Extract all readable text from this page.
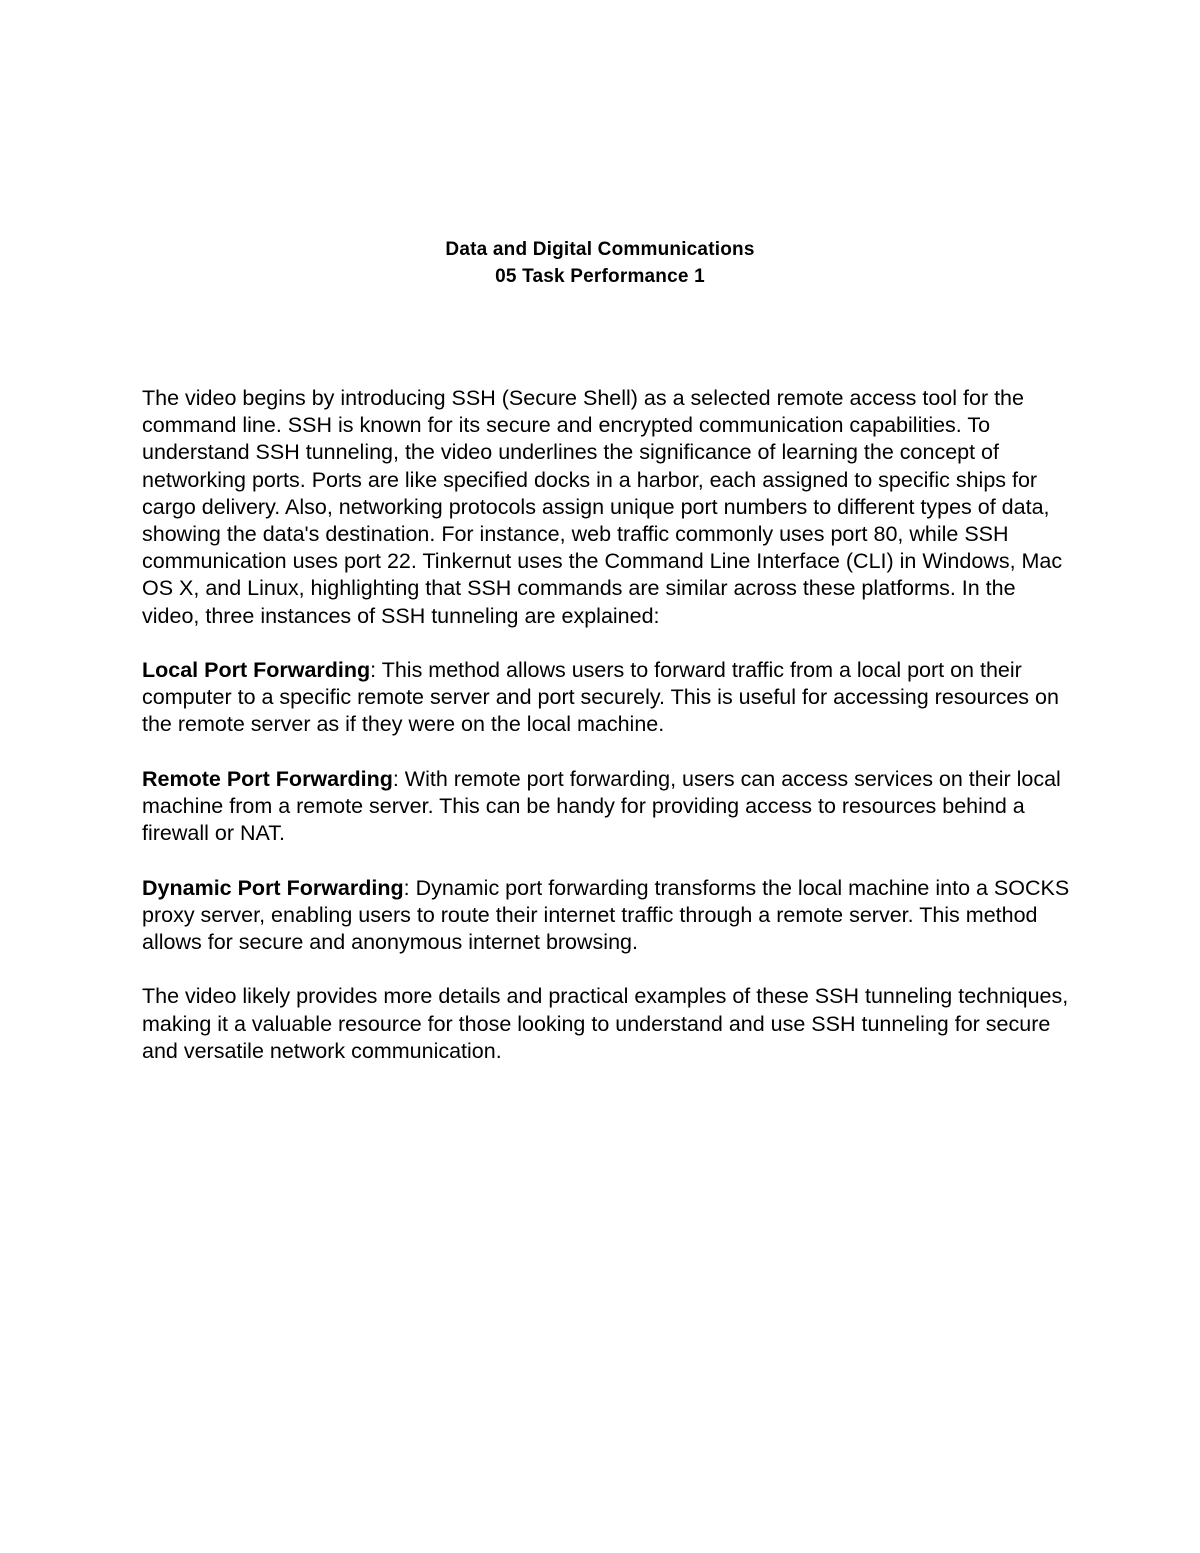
Data and Digital Communications
05 Task Performance 1

The video begins by introducing SSH (Secure Shell) as a selected remote access tool for the command line. SSH is known for its secure and encrypted communication capabilities. To understand SSH tunneling, the video underlines the significance of learning the concept of networking ports. Ports are like specified docks in a harbor, each assigned to specific ships for cargo delivery. Also, networking protocols assign unique port numbers to different types of data, showing the data's destination. For instance, web traffic commonly uses port 80, while SSH communication uses port 22. Tinkernut uses the Command Line Interface (CLI) in Windows, Mac OS X, and Linux, highlighting that SSH commands are similar across these platforms. In the video, three instances of SSH tunneling are explained:

Local Port Forwarding: This method allows users to forward traffic from a local port on their computer to a specific remote server and port securely. This is useful for accessing resources on the remote server as if they were on the local machine.

Remote Port Forwarding: With remote port forwarding, users can access services on their local machine from a remote server. This can be handy for providing access to resources behind a firewall or NAT.

Dynamic Port Forwarding: Dynamic port forwarding transforms the local machine into a SOCKS proxy server, enabling users to route their internet traffic through a remote server. This method allows for secure and anonymous internet browsing.

The video likely provides more details and practical examples of these SSH tunneling techniques, making it a valuable resource for those looking to understand and use SSH tunneling for secure and versatile network communication.
